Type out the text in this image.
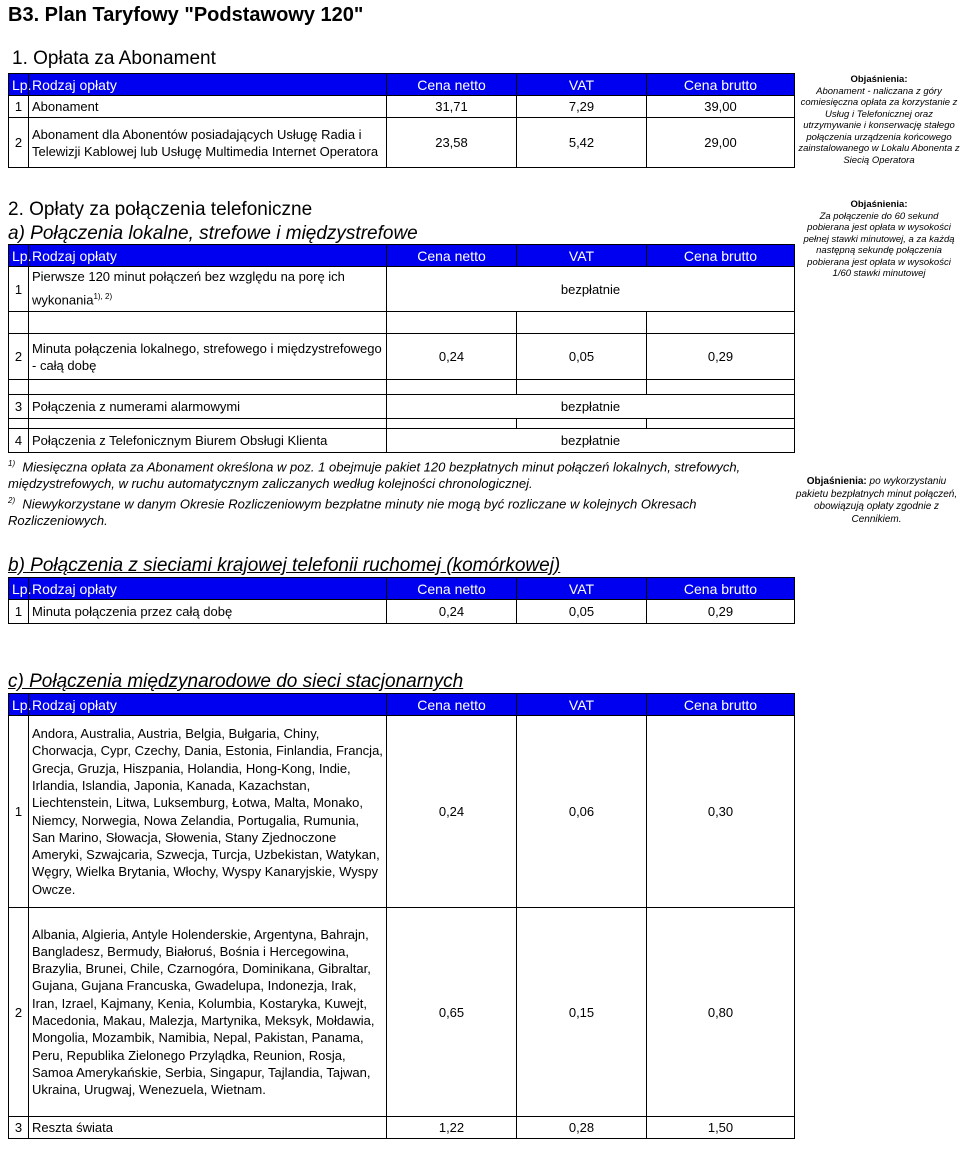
B3. Plan Taryfowy "Podstawowy 120"
1. Opłata za Abonament
Lp.	Rodzaj opłaty	Cena netto	VAT	Cena brutto
1	Abonament	31,71	7,29	39,00
2	Abonament dla Abonentów posiadających Usługę Radia i Telewizji Kablowej lub Usługę Multimedia Internet Operatora	23,58	5,42	29,00
Objaśnienia:
Abonament - naliczana z góry comiesięczna opłata za korzystanie z Usług i Telefonicznej oraz utrzymywanie i konserwację stałego połączenia urządzenia końcowego zainstalowanego w Lokalu Abonenta z Siecią Operatora
2. Opłaty za połączenia telefoniczne
a) Połączenia lokalne, strefowe i międzystrefowe
Lp.	Rodzaj opłaty	Cena netto	VAT	Cena brutto
1	Pierwsze 120 minut połączeń bez względu na porę ich wykonania$^{1), 2)}$	bezpłatnie		

2	Minuta połączenia lokalnego, strefowego i międzystrefowego - całą dobę	0,24	0,05	0,29

3	Połączenia z numerami alarmowymi	bezpłatnie		

4	Połączenia z Telefonicznym Biurem Obsługi Klienta	bezpłatnie		
Objaśnienia:
Za połączenie do 60 sekund pobierana jest opłata w wysokości pełnej stawki minutowej, a za każdą następną sekundę połączenia pobierana jest opłata w wysokości 1/60 stawki minutowej
$^{1)}$ Miesięczna opłata za Abonament określona w poz. 1 obejmuje pakiet 120 bezpłatnych minut połączeń lokalnych, strefowych, międzystrefowych, w ruchu automatycznym zaliczanych według kolejności chronologicznej.
$^{2)}$ Niewykorzystane w danym Okresie Rozliczeniowym bezpłatne minuty nie mogą być rozliczane w kolejnych Okresach Rozliczeniowych.
Objaśnienia: po wykorzystaniu pakietu bezpłatnych minut połączeń, obowiązują opłaty zgodnie z Cennikiem.
b) Połączenia z sieciami krajowej telefonii ruchomej (komórkowej)
Lp.	Rodzaj opłaty	Cena netto	VAT	Cena brutto
1	Minuta połączenia przez całą dobę	0,24	0,05	0,29
c) Połączenia międzynarodowe do sieci stacjonarnych
Lp.	Rodzaj opłaty	Cena netto	VAT	Cena brutto
1	Andora, Australia, Austria, Belgia, Bułgaria, Chiny, Chorwacja, Cypr, Czechy, Dania, Estonia, Finlandia, Francja, Grecja, Gruzja, Hiszpania, Holandia, Hong-Kong, Indie, Irlandia, Islandia, Japonia, Kanada, Kazachstan, Liechtenstein, Litwa, Luksemburg, Łotwa, Malta, Monako, Niemcy, Norwegia, Nowa Zelandia, Portugalia, Rumunia, San Marino, Słowacja, Słowenia, Stany Zjednoczone Ameryki, Szwajcaria, Szwecja, Turcja, Uzbekistan, Watykan, Węgry, Wielka Brytania, Włochy, Wyspy Kanaryjskie, Wyspy Owcze.	0,24	0,06	0,30
2	Albania, Algieria, Antyle Holenderskie, Argentyna, Bahrajn, Bangladesz, Bermudy, Białoruś, Bośnia i Hercegowina, Brazylia, Brunei, Chile, Czarnogóra, Dominikana, Gibraltar, Gujana, Gujana Francuska, Gwadelupa, Indonezja, Irak, Iran, Izrael, Kajmany, Kenia, Kolumbia, Kostaryka, Kuwejt, Macedonia, Makau, Malezja, Martynika, Meksyk, Mołdawia, Mongolia, Mozambik, Namibia, Nepal, Pakistan, Panama, Peru, Republika Zielonego Przylądka, Reunion, Rosja, Samoa Amerykańskie, Serbia, Singapur, Tajlandia, Tajwan, Ukraina, Urugwaj, Wenezuela, Wietnam.	0,65	0,15	0,80
3	Reszta świata	1,22	0,28	1,50
